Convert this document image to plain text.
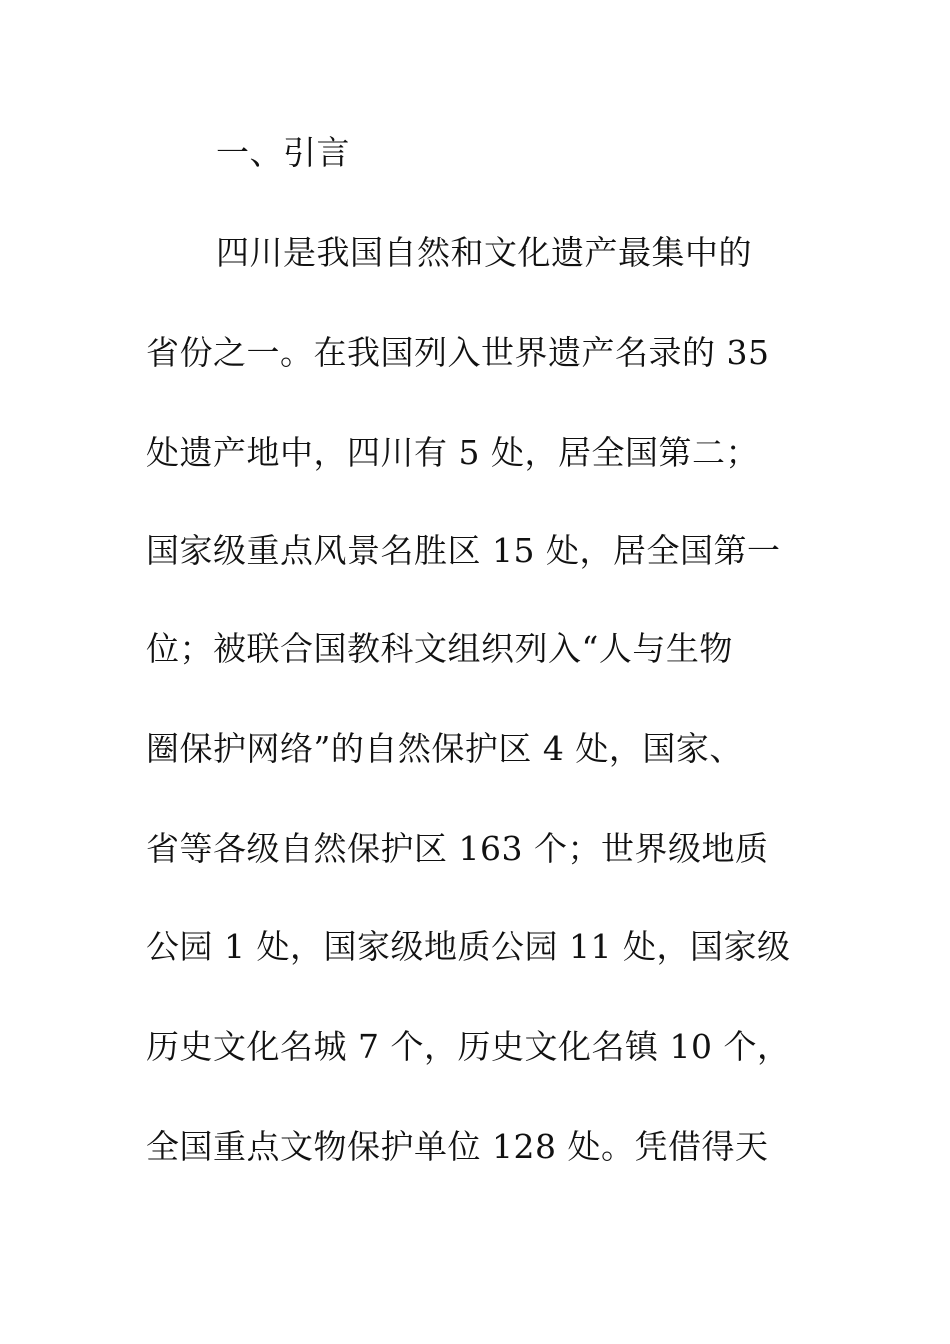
一、引言
四川是我国自然和文化遗产最集中的
省份之一。在我国列入世界遗产名录的 35
处遗产地中，四川有 5 处，居全国第二；
国家级重点风景名胜区 15 处，居全国第一
位；被联合国教科文组织列入“人与生物
圈保护网络”的自然保护区 4 处，国家、
省等各级自然保护区 163 个；世界级地质
公园 1 处，国家级地质公园 11 处，国家级
历史文化名城 7 个，历史文化名镇 10 个，
全国重点文物保护单位 128 处。凭借得天
